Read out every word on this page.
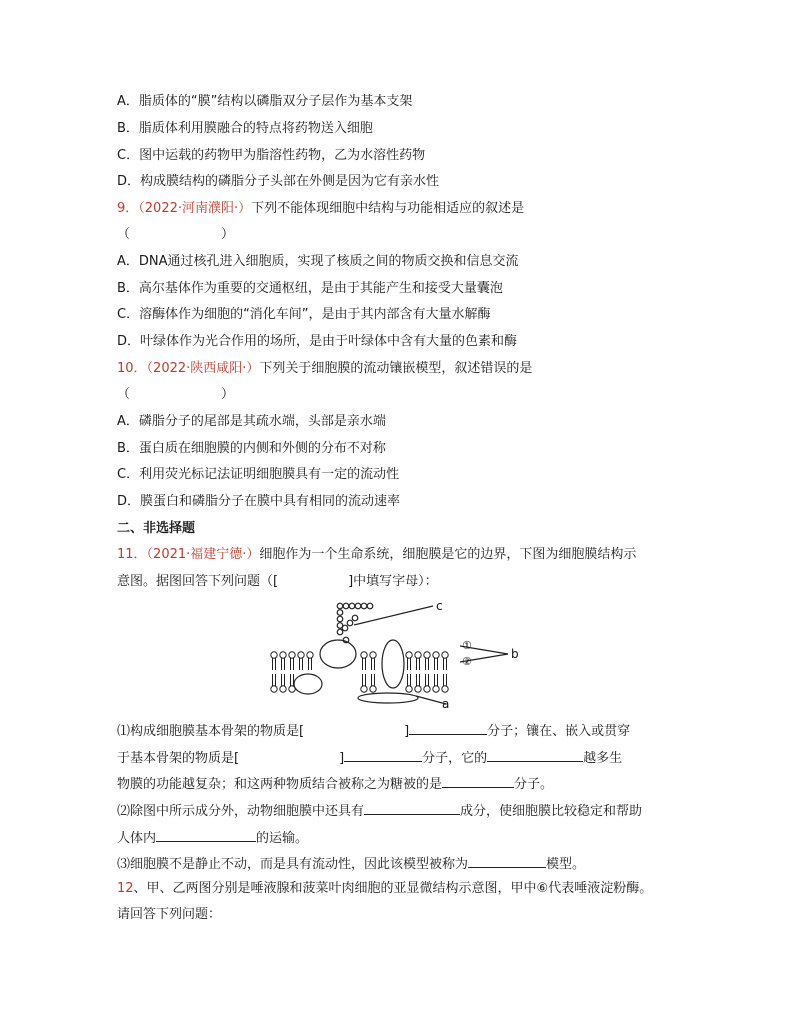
A．脂质体的“膜”结构以磷脂双分子层作为基本支架
B．脂质体利用膜融合的特点将药物送入细胞
C．图中运载的药物甲为脂溶性药物，乙为水溶性药物
D．构成膜结构的磷脂分子头部在外侧是因为它有亲水性
9．（2022·河南濮阳·）下列不能体现细胞中结构与功能相适应的叙述是
（　　　　　　　）
A．DNA通过核孔进入细胞质，实现了核质之间的物质交换和信息交流
B．高尔基体作为重要的交通枢纽，是由于其能产生和接受大量囊泡
C．溶酶体作为细胞的“消化车间”，是由于其内部含有大量水解酶
D．叶绿体作为光合作用的场所，是由于叶绿体中含有大量的色素和酶
10．（2022·陕西咸阳·）下列关于细胞膜的流动镶嵌模型，叙述错误的是
（　　　　　　　）
A．磷脂分子的尾部是其疏水端，头部是亲水端
B．蛋白质在细胞膜的内侧和外侧的分布不对称
C．利用荧光标记法证明细胞膜具有一定的流动性
D．膜蛋白和磷脂分子在膜中具有相同的流动速率
二、非选择题
11．（2021·福建宁德·）细胞作为一个生命系统，细胞膜是它的边界，下图为细胞膜结构示
意图。据图回答下列问题（[	]中填写字母）：
c
b
a
①
②
⑴构成细胞膜基本骨架的物质是[	]	分子；镶在、嵌入或贯穿
于基本骨架的物质是[	]	分子，它的	越多生
物膜的功能越复杂；和这两种物质结合被称之为糖被的是	分子。
⑵除图中所示成分外，动物细胞膜中还具有	成分，使细胞膜比较稳定和帮助
人体内	的运输。
⑶细胞膜不是静止不动，而是具有流动性，因此该模型被称为	模型。
12、甲、乙两图分别是唾液腺和菠菜叶肉细胞的亚显微结构示意图，甲中⑥代表唾液淀粉酶。
请回答下列问题：
